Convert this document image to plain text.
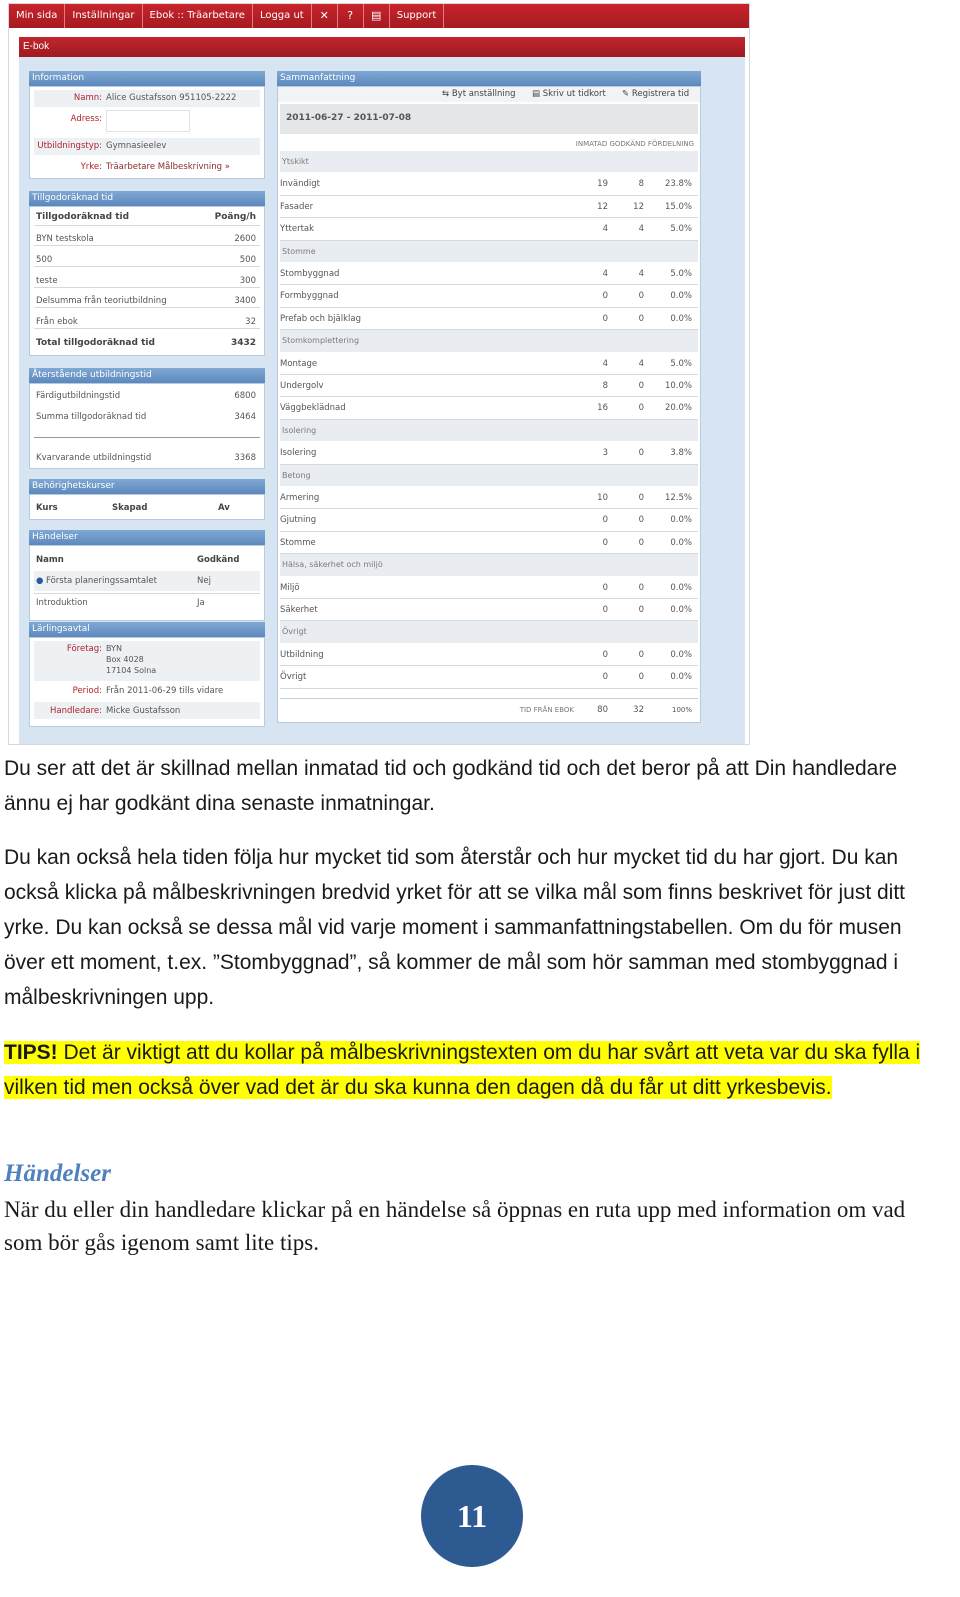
Min sida	Inställningar	Ebok :: Träarbetare	Logga ut	✕	?	▤	Support
E-bok
Information
Namn: Alice Gustafsson 951105-2222
Adress:
Utbildningstyp: Gymnasieelev
Yrke: Träarbetare Målbeskrivning »
Tillgodoräknad tid
Tillgodoräknad tid	Poäng/h
BYN testskola	2600
500	500
teste	300
Delsumma från teoriutbildning	3400
Från ebok	32
Total tillgodoräknad tid	3432
Återstående utbildningstid
Färdigutbildningstid	6800
Summa tillgodoräknad tid	3464
Kvarvarande utbildningstid	3368
Behörighetskurser
Kurs	Skapad	Av
Händelser
Namn	Godkänd
● Första planeringssamtalet	Nej
Introduktion	Ja
Lärlingsavtal
Företag: BYN
Box 4028
17104 Solna
Period: Från 2011-06-29 tills vidare
Handledare: Micke Gustafsson
Sammanfattning
⇆ Byt anställning ▤ Skriv ut tidkort ✎ Registrera tid
2011-06-27 - 2011-07-08
INMATAD GODKÄND FÖRDELNING
Ytskikt
Invändigt	19	8	23.8%
Fasader	12	12	15.0%
Yttertak	4	4	5.0%
Stomme
Stombyggnad	4	4	5.0%
Formbyggnad	0	0	0.0%
Prefab och bjälklag	0	0	0.0%
Stomkomplettering
Montage	4	4	5.0%
Undergolv	8	0	10.0%
Väggbeklädnad	16	0	20.0%
Isolering
Isolering	3	0	3.8%
Betong
Armering	10	0	12.5%
Gjutning	0	0	0.0%
Stomme	0	0	0.0%
Hälsa, säkerhet och miljö
Miljö	0	0	0.0%
Säkerhet	0	0	0.0%
Övrigt
Utbildning	0	0	0.0%
Övrigt	0	0	0.0%
TID FRÅN EBOK	80	32	100%
Du ser att det är skillnad mellan inmatad tid och godkänd tid och det beror på att Din handledare ännu ej har godkänt dina senaste inmatningar.
Du kan också hela tiden följa hur mycket tid som återstår och hur mycket tid du har gjort. Du kan också klicka på målbeskrivningen bredvid yrket för att se vilka mål som finns beskrivet för just ditt yrke. Du kan också se dessa mål vid varje moment i sammanfattningstabellen. Om du för musen över ett moment, t.ex. ”Stombyggnad”, så kommer de mål som hör samman med stombyggnad i målbeskrivningen upp.
TIPS! Det är viktigt att du kollar på målbeskrivningstexten om du har svårt att veta var du ska fylla i vilken tid men också över vad det är du ska kunna den dagen då du får ut ditt yrkesbevis.
Händelser
När du eller din handledare klickar på en händelse så öppnas en ruta upp med information om vad som bör gås igenom samt lite tips.
11
